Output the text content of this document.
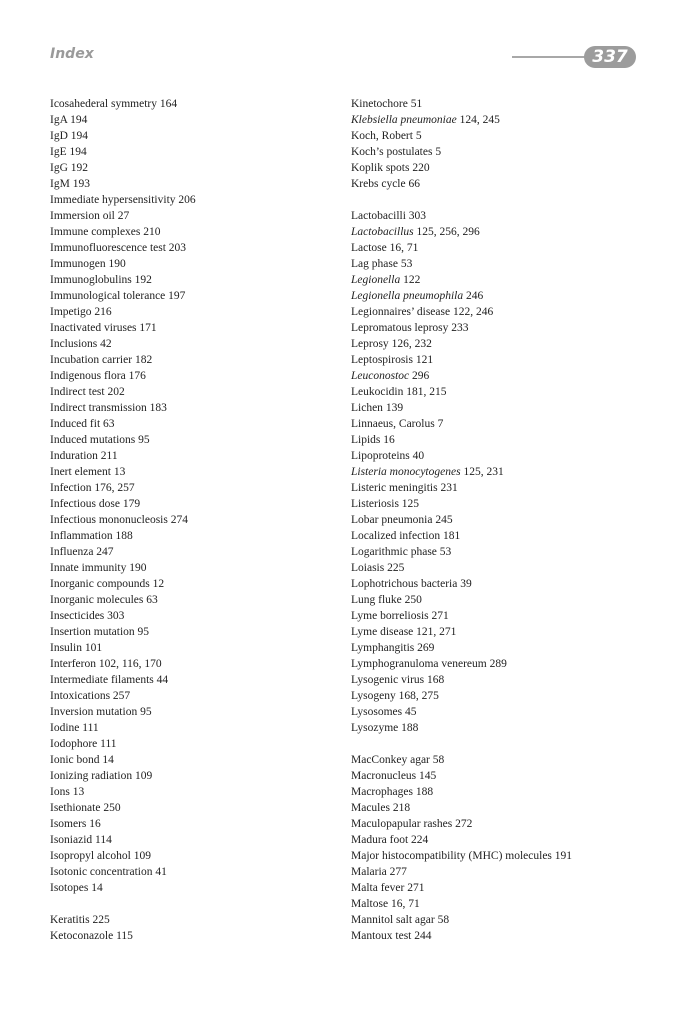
Index	337
Icosahederal symmetry 164
IgA 194
IgD 194
IgE 194
IgG 192
IgM 193
Immediate hypersensitivity 206
Immersion oil 27
Immune complexes 210
Immunofluorescence test 203
Immunogen 190
Immunoglobulins 192
Immunological tolerance 197
Impetigo 216
Inactivated viruses 171
Inclusions 42
Incubation carrier 182
Indigenous flora 176
Indirect test 202
Indirect transmission 183
Induced fit 63
Induced mutations 95
Induration 211
Inert element 13
Infection 176, 257
Infectious dose 179
Infectious mononucleosis 274
Inflammation 188
Influenza 247
Innate immunity 190
Inorganic compounds 12
Inorganic molecules 63
Insecticides 303
Insertion mutation 95
Insulin 101
Interferon 102, 116, 170
Intermediate filaments 44
Intoxications 257
Inversion mutation 95
Iodine 111
Iodophore 111
Ionic bond 14
Ionizing radiation 109
Ions 13
Isethionate 250
Isomers 16
Isoniazid 114
Isopropyl alcohol 109
Isotonic concentration 41
Isotopes 14
Keratitis 225
Ketoconazole 115
Kinetochore 51
Klebsiella pneumoniae 124, 245
Koch, Robert 5
Koch’s postulates 5
Koplik spots 220
Krebs cycle 66
Lactobacilli 303
Lactobacillus 125, 256, 296
Lactose 16, 71
Lag phase 53
Legionella 122
Legionella pneumophila 246
Legionnaires’ disease 122, 246
Lepromatous leprosy 233
Leprosy 126, 232
Leptospirosis 121
Leuconostoc 296
Leukocidin 181, 215
Lichen 139
Linnaeus, Carolus 7
Lipids 16
Lipoproteins 40
Listeria monocytogenes 125, 231
Listeric meningitis 231
Listeriosis 125
Lobar pneumonia 245
Localized infection 181
Logarithmic phase 53
Loiasis 225
Lophotrichous bacteria 39
Lung fluke 250
Lyme borreliosis 271
Lyme disease 121, 271
Lymphangitis 269
Lymphogranuloma venereum 289
Lysogenic virus 168
Lysogeny 168, 275
Lysosomes 45
Lysozyme 188
MacConkey agar 58
Macronucleus 145
Macrophages 188
Macules 218
Maculopapular rashes 272
Madura foot 224
Major histocompatibility (MHC) molecules 191
Malaria 277
Malta fever 271
Maltose 16, 71
Mannitol salt agar 58
Mantoux test 244
